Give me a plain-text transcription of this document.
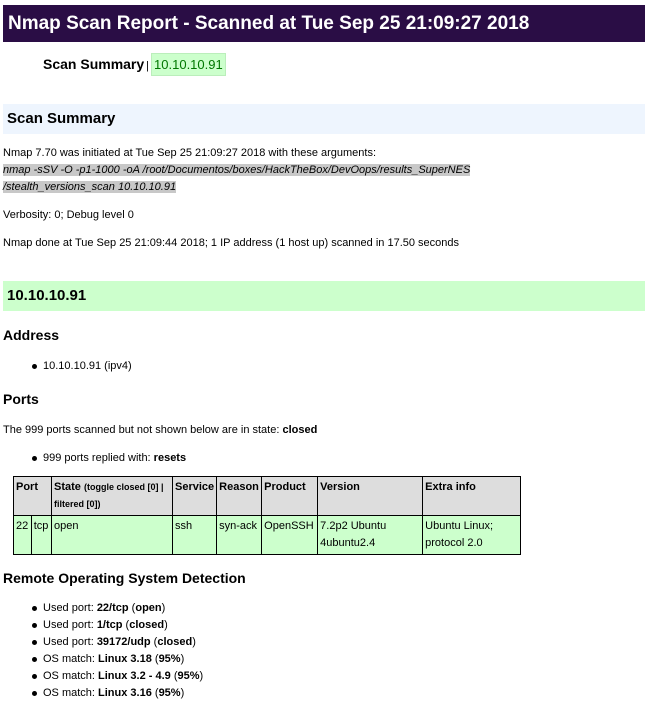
Nmap Scan Report - Scanned at Tue Sep 25 21:09:27 2018
Scan Summary | 10.10.10.91
Scan Summary
Nmap 7.70 was initiated at Tue Sep 25 21:09:27 2018 with these arguments:
nmap -sSV -O -p1-1000 -oA /root/Documentos/boxes/HackTheBox/DevOops/results_SuperNES
/stealth_versions_scan 10.10.10.91
Verbosity: 0; Debug level 0
Nmap done at Tue Sep 25 21:09:44 2018; 1 IP address (1 host up) scanned in 17.50 seconds
10.10.10.91
Address
10.10.10.91 (ipv4)
Ports
The 999 ports scanned but not shown below are in state: closed
999 ports replied with: resets
Port		State (toggle closed [0] |
filtered [0])	Service	Reason	Product	Version	Extra info
22	tcp	open	ssh	syn-ack	OpenSSH	7.2p2 Ubuntu
4ubuntu2.4	Ubuntu Linux;
protocol 2.0
Remote Operating System Detection
Used port: 22/tcp (open)
Used port: 1/tcp (closed)
Used port: 39172/udp (closed)
OS match: Linux 3.18 (95%)
OS match: Linux 3.2 - 4.9 (95%)
OS match: Linux 3.16 (95%)
